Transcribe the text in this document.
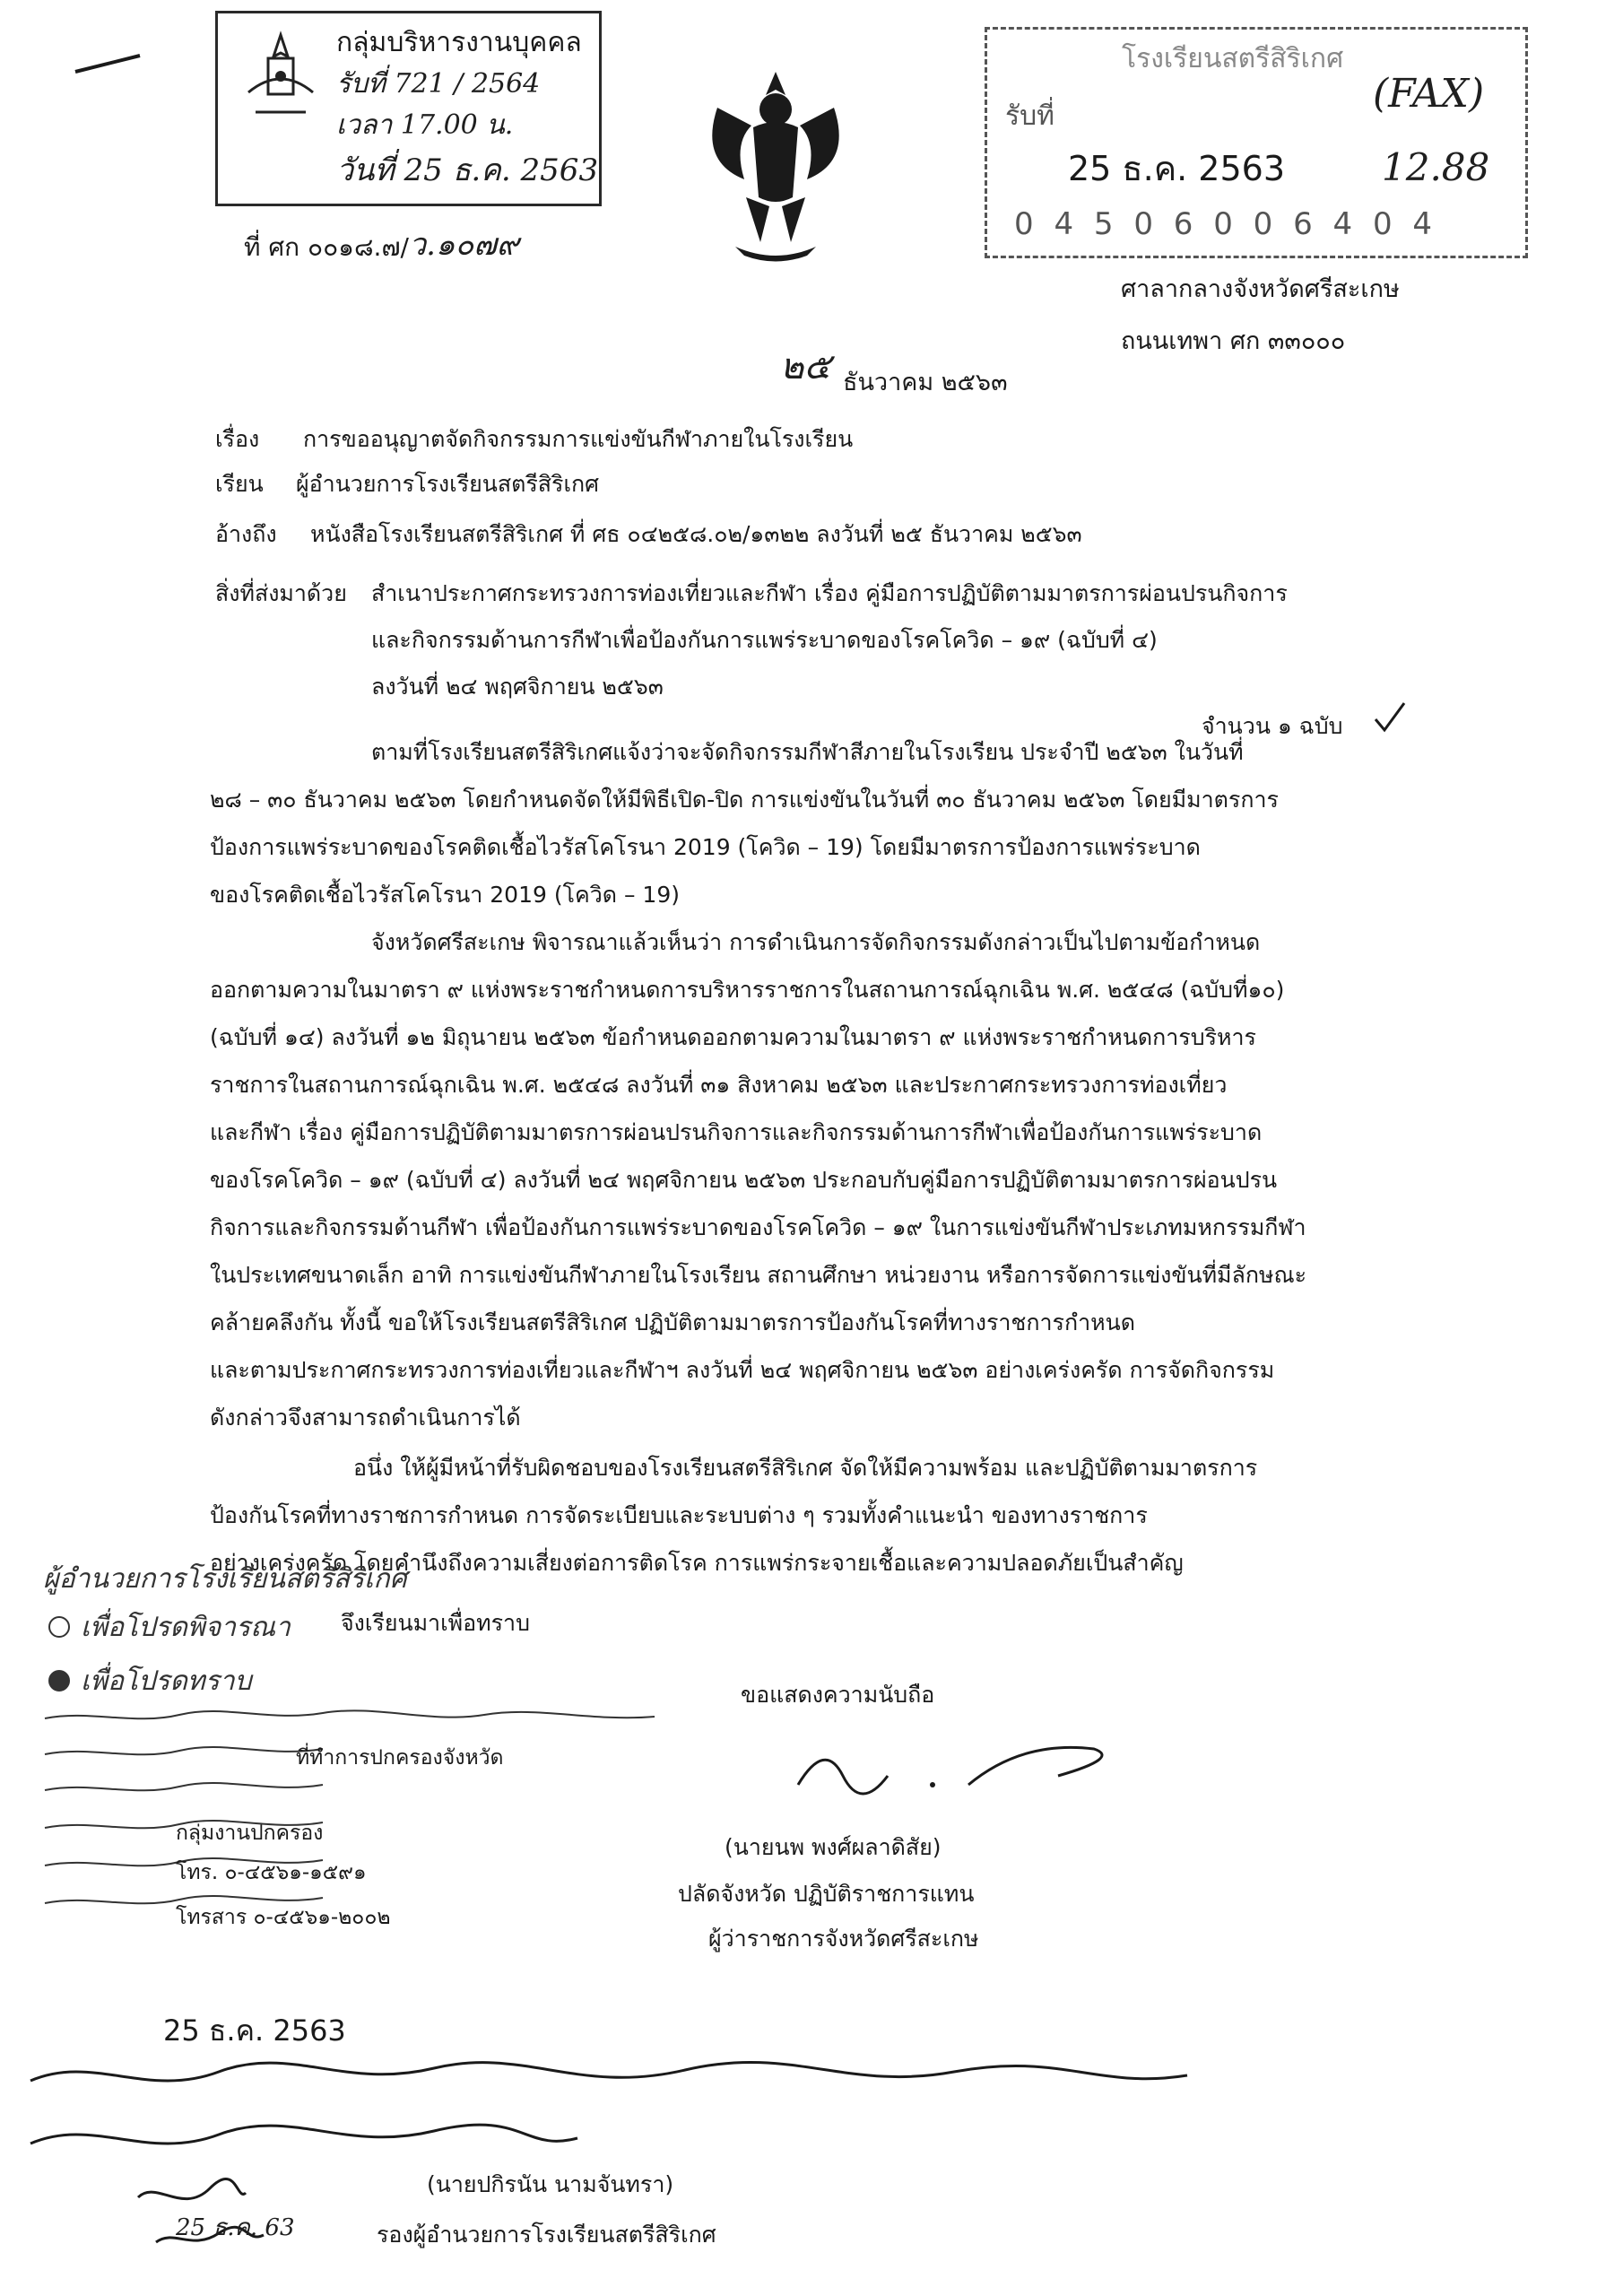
กลุ่มบริหารงานบุคคล
รับที่ 721 / 2564
เวลา 17.00 น.
วันที่ 25 ธ.ค. 2563
โรงเรียนสตรีสิริเกศ
(FAX)
รับที่
25 ธ.ค. 2563	12.88
0 4 5 0 6 0 0 6 4 0 4
ที่ ศก ๐๐๑๘.๗/ ว.๑๐๗๙
ศาลากลางจังหวัดศรีสะเกษ
ถนนเทพา ศก ๓๓๐๐๐
๒๕ ธันวาคม ๒๕๖๓
เรื่อง การขออนุญาตจัดกิจกรรมการแข่งขันกีฬาภายในโรงเรียน
เรียน ผู้อำนวยการโรงเรียนสตรีสิริเกศ
อ้างถึง หนังสือโรงเรียนสตรีสิริเกศ ที่ ศธ ๐๔๒๕๘.๐๒/๑๓๒๒ ลงวันที่ ๒๕ ธันวาคม ๒๕๖๓
สิ่งที่ส่งมาด้วย สำเนาประกาศกระทรวงการท่องเที่ยวและกีฬา เรื่อง คู่มือการปฏิบัติตามมาตรการผ่อนปรนกิจการ
และกิจกรรมด้านการกีฬาเพื่อป้องกันการแพร่ระบาดของโรคโควิด – ๑๙ (ฉบับที่ ๔)
ลงวันที่ ๒๔ พฤศจิกายน ๒๕๖๓
จำนวน ๑ ฉบับ
ตามที่โรงเรียนสตรีสิริเกศแจ้งว่าจะจัดกิจกรรมกีฬาสีภายในโรงเรียน ประจำปี ๒๕๖๓ ในวันที่
๒๘ – ๓๐ ธันวาคม ๒๕๖๓ โดยกำหนดจัดให้มีพิธีเปิด-ปิด การแข่งขันในวันที่ ๓๐ ธันวาคม ๒๕๖๓ โดยมีมาตรการ
ป้องการแพร่ระบาดของโรคติดเชื้อไวรัสโคโรนา 2019 (โควิด – 19) โดยมีมาตรการป้องการแพร่ระบาด
ของโรคติดเชื้อไวรัสโคโรนา 2019 (โควิด – 19)
จังหวัดศรีสะเกษ พิจารณาแล้วเห็นว่า การดำเนินการจัดกิจกรรมดังกล่าวเป็นไปตามข้อกำหนด
ออกตามความในมาตรา ๙ แห่งพระราชกำหนดการบริหารราชการในสถานการณ์ฉุกเฉิน พ.ศ. ๒๕๔๘ (ฉบับที่๑๐)
(ฉบับที่ ๑๔) ลงวันที่ ๑๒ มิถุนายน ๒๕๖๓ ข้อกำหนดออกตามความในมาตรา ๙ แห่งพระราชกำหนดการบริหาร
ราชการในสถานการณ์ฉุกเฉิน พ.ศ. ๒๕๔๘ ลงวันที่ ๓๑ สิงหาคม ๒๕๖๓ และประกาศกระทรวงการท่องเที่ยว
และกีฬา เรื่อง คู่มือการปฏิบัติตามมาตรการผ่อนปรนกิจการและกิจกรรมด้านการกีฬาเพื่อป้องกันการแพร่ระบาด
ของโรคโควิด – ๑๙ (ฉบับที่ ๔) ลงวันที่ ๒๔ พฤศจิกายน ๒๕๖๓ ประกอบกับคู่มือการปฏิบัติตามมาตรการผ่อนปรน
กิจการและกิจกรรมด้านกีฬา เพื่อป้องกันการแพร่ระบาดของโรคโควิด – ๑๙ ในการแข่งขันกีฬาประเภทมหกรรมกีฬา
ในประเทศขนาดเล็ก อาทิ การแข่งขันกีฬาภายในโรงเรียน สถานศึกษา หน่วยงาน หรือการจัดการแข่งขันที่มีลักษณะ
คล้ายคลึงกัน ทั้งนี้ ขอให้โรงเรียนสตรีสิริเกศ ปฏิบัติตามมาตรการป้องกันโรคที่ทางราชการกำหนด
และตามประกาศกระทรวงการท่องเที่ยวและกีฬาฯ ลงวันที่ ๒๔ พฤศจิกายน ๒๕๖๓ อย่างเคร่งครัด การจัดกิจกรรม
ดังกล่าวจึงสามารถดำเนินการได้
อนึ่ง ให้ผู้มีหน้าที่รับผิดชอบของโรงเรียนสตรีสิริเกศ จัดให้มีความพร้อม และปฏิบัติตามมาตรการ
ป้องกันโรคที่ทางราชการกำหนด การจัดระเบียบและระบบต่าง ๆ รวมทั้งคำแนะนำ ของทางราชการ
อย่างเคร่งครัด โดยคำนึงถึงความเสี่ยงต่อการติดโรค การแพร่กระจายเชื้อและความปลอดภัยเป็นสำคัญ
จึงเรียนมาเพื่อทราบ
ผู้อำนวยการโรงเรียนสตรีสิริเกศ
เพื่อโปรดพิจารณา
เพื่อโปรดทราบ
ที่ทำการปกครองจังหวัด
กลุ่มงานปกครอง
โทร. ๐-๔๕๖๑-๑๕๙๑
โทรสาร ๐-๔๕๖๑-๒๐๐๒
ขอแสดงความนับถือ
(นายนพ พงศ์ผลาดิสัย)
ปลัดจังหวัด ปฏิบัติราชการแทน
ผู้ว่าราชการจังหวัดศรีสะเกษ
25 ธ.ค. 2563
25 ธ.ค. 63
(นายปกิรนัน นามจันทรา)
รองผู้อำนวยการโรงเรียนสตรีสิริเกศ
